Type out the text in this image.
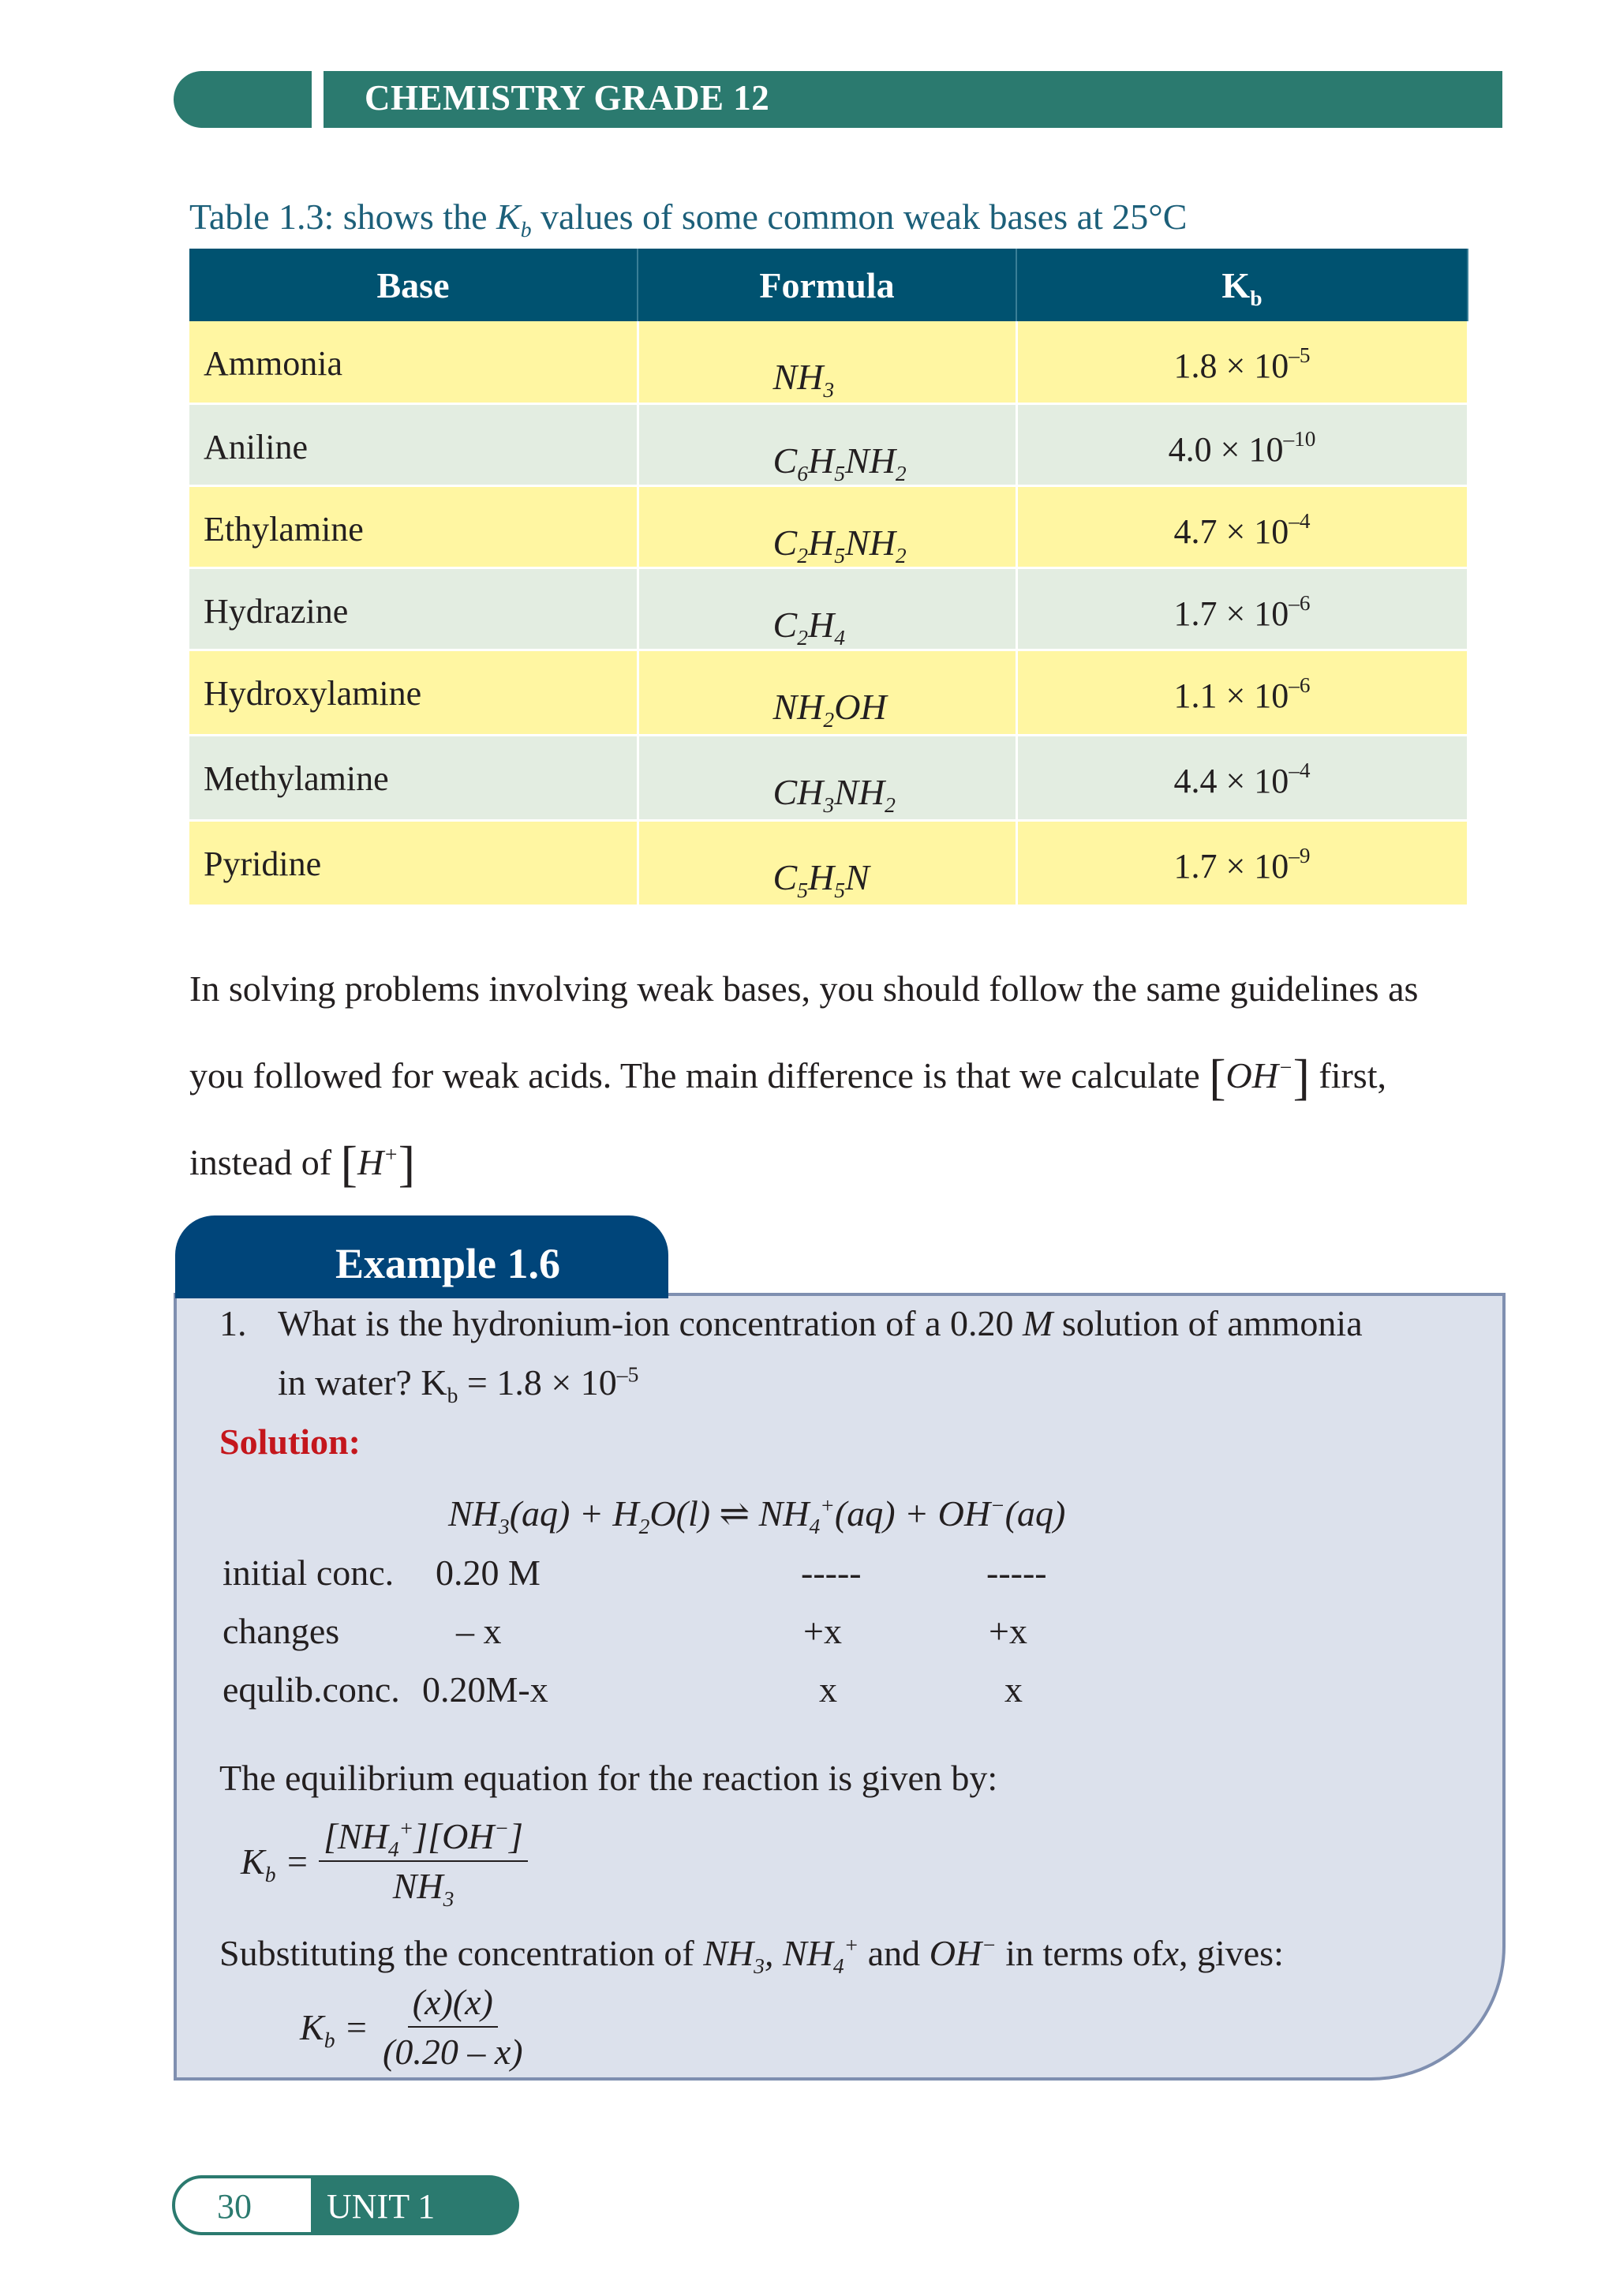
CHEMISTRY GRADE 12
Table 1.3: shows the $K_b$ values of some common weak bases at 25°C
Base	Formula	$K_b$
Ammonia	$NH_3$	$1.8 \times 10^{-5}$
Aniline	$C_6H_5NH_2$	$4.0 \times 10^{-10}$
Ethylamine	$C_2H_5NH_2$	$4.7 \times 10^{-4}$
Hydrazine	$C_2H_4$	$1.7 \times 10^{-6}$
Hydroxylamine	$NH_2OH$	$1.1 \times 10^{-6}$
Methylamine	$CH_3NH_2$	$4.4 \times 10^{-4}$
Pyridine	$C_5H_5N$	$1.7 \times 10^{-9}$
In solving problems involving weak bases, you should follow the same guidelines as
you followed for weak acids. The main difference is that we calculate [OH−] first,
instead of [H+]
Example 1.6
1. What is the hydronium-ion concentration of a 0.20 M solution of ammonia
in water? $K_b = 1.8 \times 10^{-5}$
Solution:
$NH_3(aq) + H_2O(l)$ ⇌ $NH_4^+(aq) + OH^-(aq)$
initial conc. 0.20 M	-----	-----
changes	– x	+x	+x
equlib.conc. 0.20M-x	x	x
The equilibrium equation for the reaction is given by:
$K_b = \frac{[NH_4^+][OH^-]}{NH_3}$
Substituting the concentration of $NH_3$, $NH_4^+$ and OH− in terms ofx, gives:
$K_b = \frac{(x)(x)}{(0.20 - x)}$
30 UNIT 1
